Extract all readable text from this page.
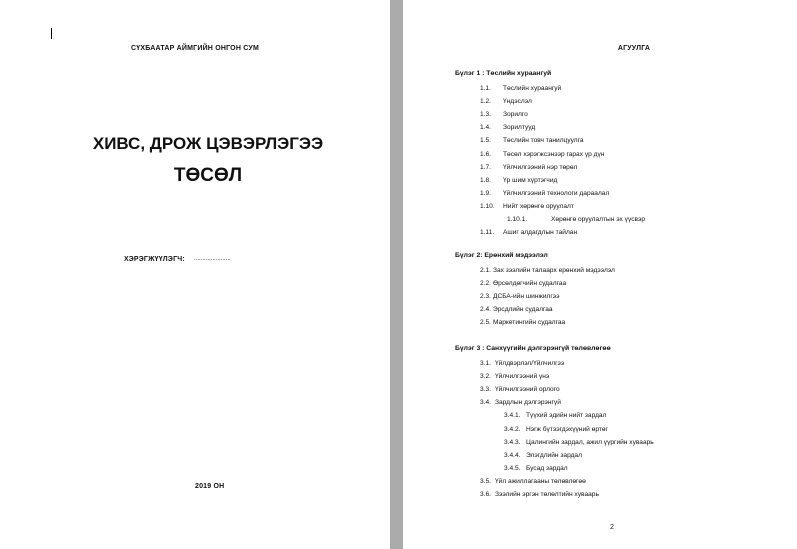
СҮХБААТАР АЙМГИЙН ОНГОН СУМ
ХИВС, ДРОЖ ЦЭВЭРЛЭГЭЭ
ТӨСӨЛ
ХЭРЭГЖҮҮЛЭГЧ: ......................
2019 ОН
АГУУЛГА
Бүлэг 1 : Төслийн хураангуй
1.1. Төслийн хураангуй
1.2. Үндэслэл
1.3. Зорилго
1.4. Зорилтууд
1.5. Төслийн товч танилцуулга
1.6. Төсөл хэрэгжсэнээр гарах үр дүн
1.7. Үйлчилгээний нэр төрөл
1.8. Үр шим хүртэгчид
1.9. Үйлчилгээний технологи дараалал
1.10. Нийт хөрөнгө оруулалт
1.10.1.	Хөрөнгө оруулалтын эх үүсвэр
1.11. Ашиг алдагдлын тайлан
Бүлэг 2: Ерөнхий мэдээлэл
2.1. Зах зээлийн талаарх ерөнхий мэдээлэл
2.2. Өрсөлдөгчийн судалгаа
2.3. ДСБА-ийн шинжилгээ
2.4. Эрсдлийн судалгаа
2.5. Маркетингийн судалгаа
Бүлэг 3 : Санхүүгийн дэлгэрэнгүй төлөвлөгөө
3.1. Үйлдвэрлэл/Үйлчилгээ
3.2. Үйлчилгээний үнэ
3.3. Үйлчилгээний орлого
3.4. Зардлын дэлгэрэнгүй
3.4.1. Түүхий эдийн нийт зардал
3.4.2. Нэгж бүтээгдэхүүний өртөг
3.4.3. Цалингийн зардал, ажил үүргийн хуваарь
3.4.4. Элэгдлийн зардал
3.4.5. Бусад зардал
3.5. Үйл ажиллагааны төлөвлөгөө
3.6. Зээлийн эргэн төлөлтийн хуваарь
2
